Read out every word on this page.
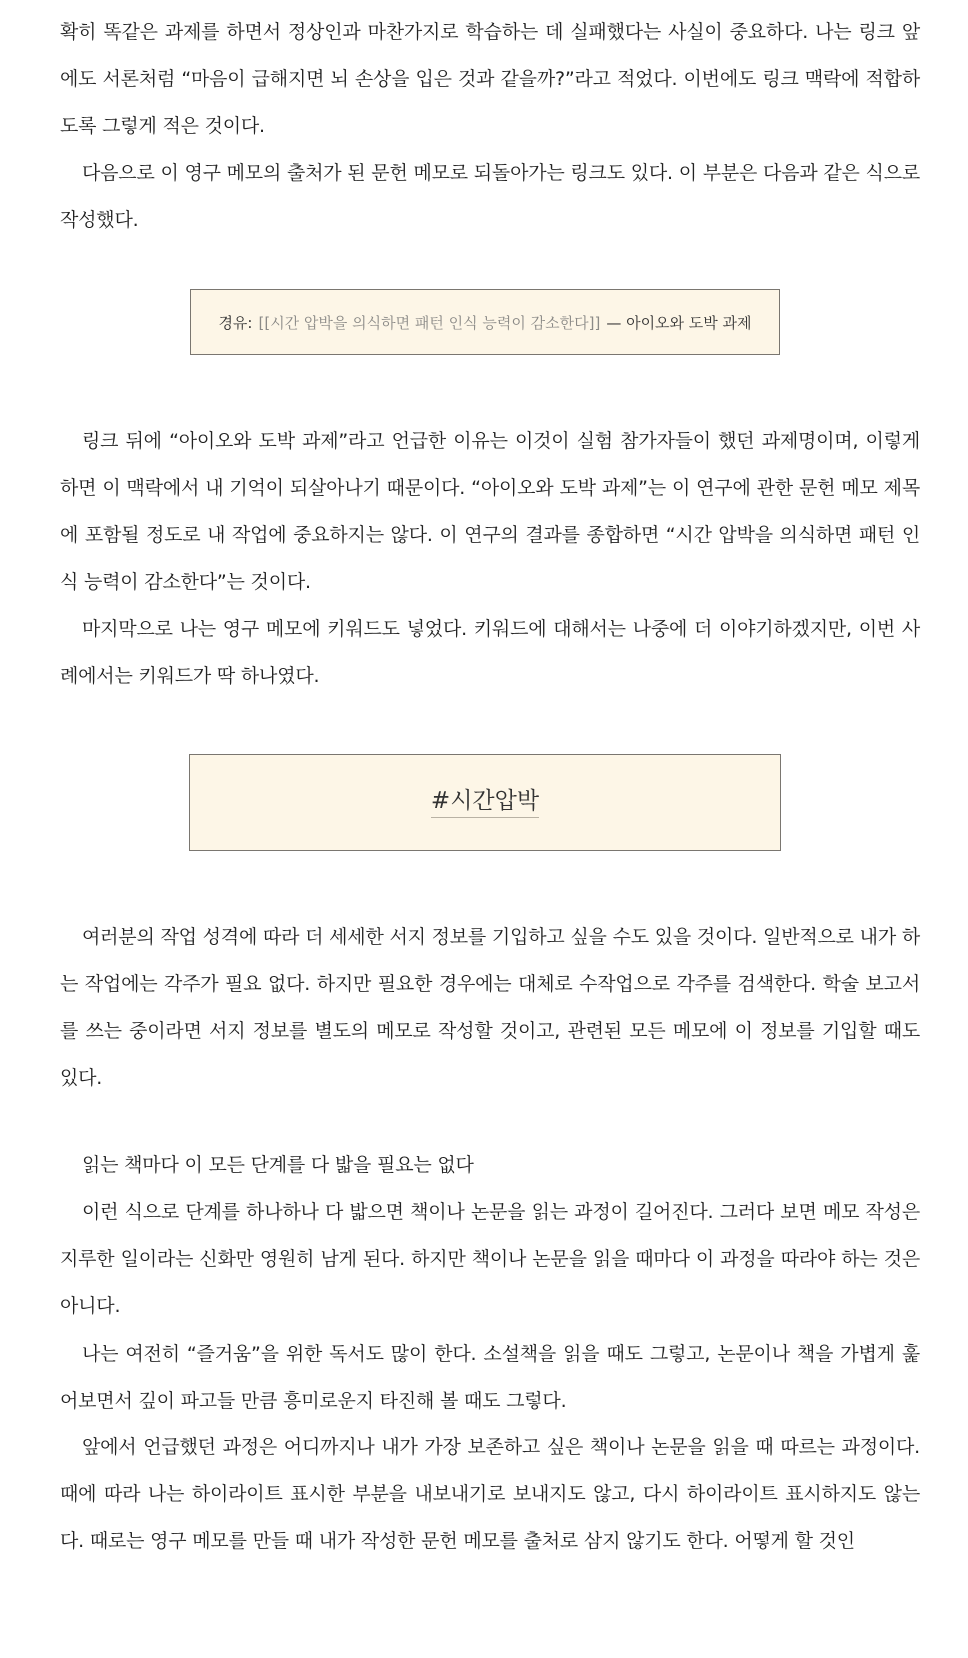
확히 똑같은 과제를 하면서 정상인과 마찬가지로 학습하는 데 실패했다는 사실이 중요하다. 나는 링크 앞에도 서론처럼 “마음이 급해지면 뇌 손상을 입은 것과 같을까?”라고 적었다. 이번에도 링크 맥락에 적합하도록 그렇게 적은 것이다.

다음으로 이 영구 메모의 출처가 된 문헌 메모로 되돌아가는 링크도 있다. 이 부분은 다음과 같은 식으로 작성했다.

경유: [[시간 압박을 의식하면 패턴 인식 능력이 감소한다]] — 아이오와 도박 과제

링크 뒤에 “아이오와 도박 과제”라고 언급한 이유는 이것이 실험 참가자들이 했던 과제명이며, 이렇게 하면 이 맥락에서 내 기억이 되살아나기 때문이다. “아이오와 도박 과제”는 이 연구에 관한 문헌 메모 제목에 포함될 정도로 내 작업에 중요하지는 않다. 이 연구의 결과를 종합하면 “시간 압박을 의식하면 패턴 인식 능력이 감소한다”는 것이다.

마지막으로 나는 영구 메모에 키워드도 넣었다. 키워드에 대해서는 나중에 더 이야기하겠지만, 이번 사례에서는 키워드가 딱 하나였다.

#시간압박

여러분의 작업 성격에 따라 더 세세한 서지 정보를 기입하고 싶을 수도 있을 것이다. 일반적으로 내가 하는 작업에는 각주가 필요 없다. 하지만 필요한 경우에는 대체로 수작업으로 각주를 검색한다. 학술 보고서를 쓰는 중이라면 서지 정보를 별도의 메모로 작성할 것이고, 관련된 모든 메모에 이 정보를 기입할 때도 있다.

읽는 책마다 이 모든 단계를 다 밟을 필요는 없다

이런 식으로 단계를 하나하나 다 밟으면 책이나 논문을 읽는 과정이 길어진다. 그러다 보면 메모 작성은 지루한 일이라는 신화만 영원히 남게 된다. 하지만 책이나 논문을 읽을 때마다 이 과정을 따라야 하는 것은 아니다.

나는 여전히 “즐거움”을 위한 독서도 많이 한다. 소설책을 읽을 때도 그렇고, 논문이나 책을 가볍게 훑어보면서 깊이 파고들 만큼 흥미로운지 타진해 볼 때도 그렇다.

앞에서 언급했던 과정은 어디까지나 내가 가장 보존하고 싶은 책이나 논문을 읽을 때 따르는 과정이다. 때에 따라 나는 하이라이트 표시한 부분을 내보내기로 보내지도 않고, 다시 하이라이트 표시하지도 않는다. 때로는 영구 메모를 만들 때 내가 작성한 문헌 메모를 출처로 삼지 않기도 한다. 어떻게 할 것인
